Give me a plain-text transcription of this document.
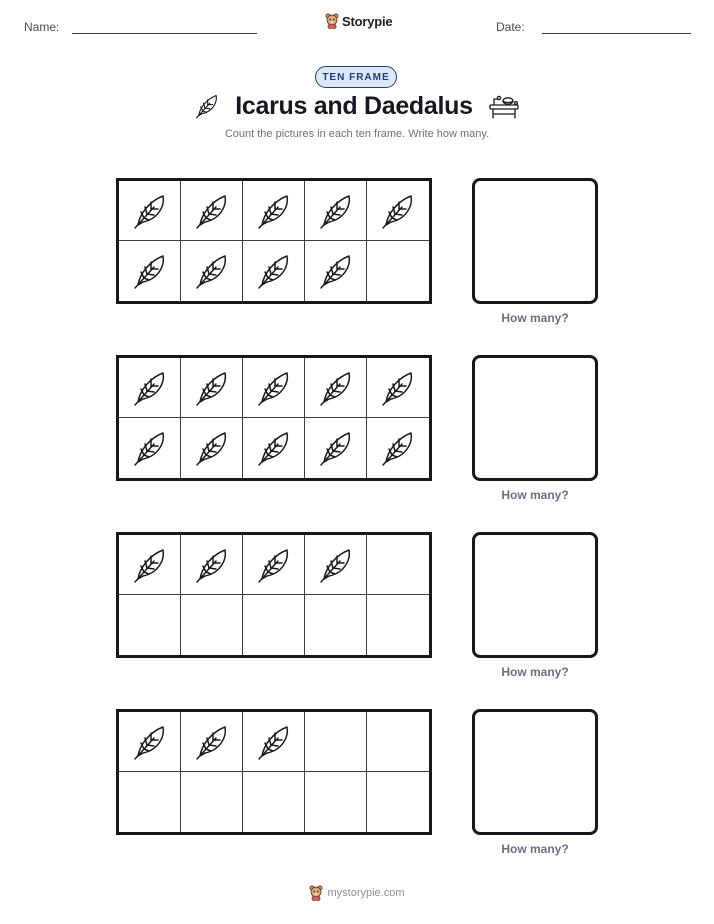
Name:	Storypie	Date:
TEN FRAME
Icarus and Daedalus
Count the pictures in each ten frame. Write how many.
How many?
How many?
How many?
How many?
mystorypie.com
